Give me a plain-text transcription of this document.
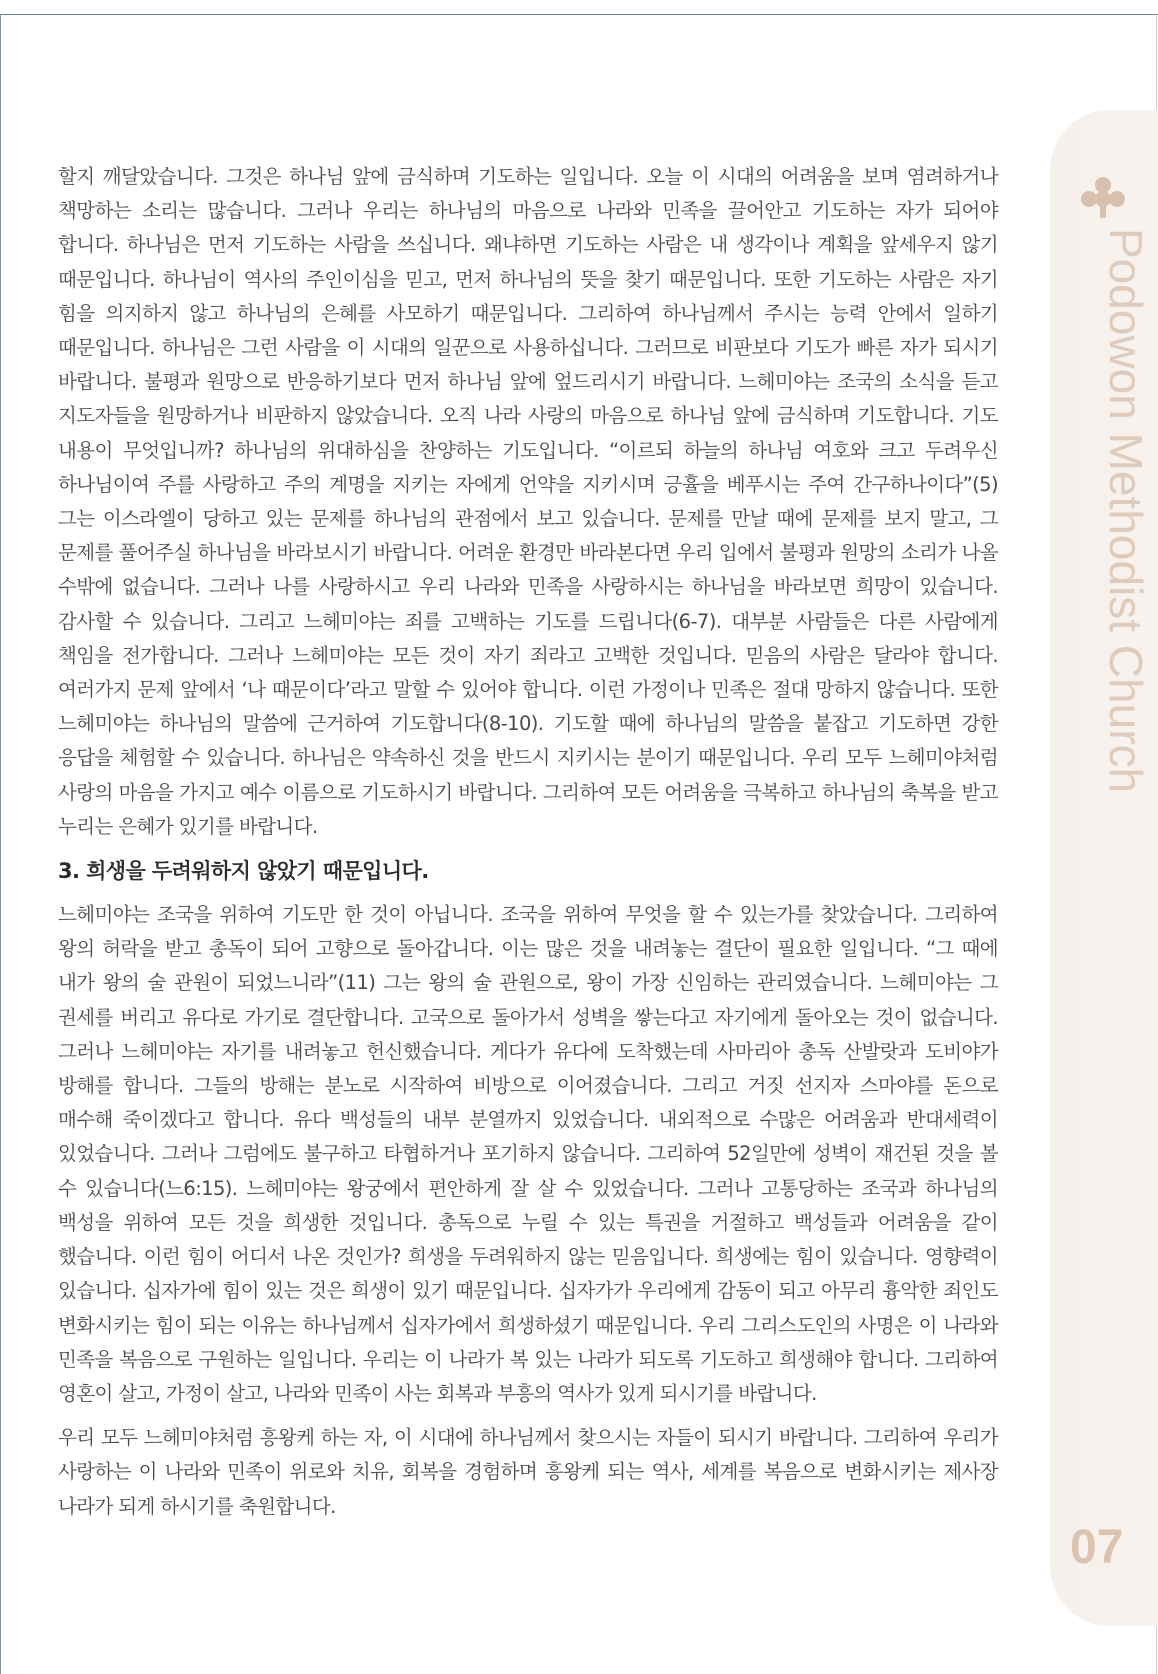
할지 깨달았습니다. 그것은 하나님 앞에 금식하며 기도하는 일입니다. 오늘 이 시대의 어려움을 보며 염려하거나 책망하는 소리는 많습니다. 그러나 우리는 하나님의 마음으로 나라와 민족을 끌어안고 기도하는 자가 되어야 합니다. 하나님은 먼저 기도하는 사람을 쓰십니다. 왜냐하면 기도하는 사람은 내 생각이나 계획을 앞세우지 않기 때문입니다. 하나님이 역사의 주인이심을 믿고, 먼저 하나님의 뜻을 찾기 때문입니다. 또한 기도하는 사람은 자기 힘을 의지하지 않고 하나님의 은혜를 사모하기 때문입니다. 그리하여 하나님께서 주시는 능력 안에서 일하기 때문입니다. 하나님은 그런 사람을 이 시대의 일꾼으로 사용하십니다. 그러므로 비판보다 기도가 빠른 자가 되시기 바랍니다. 불평과 원망으로 반응하기보다 먼저 하나님 앞에 엎드리시기 바랍니다. 느헤미야는 조국의 소식을 듣고 지도자들을 원망하거나 비판하지 않았습니다. 오직 나라 사랑의 마음으로 하나님 앞에 금식하며 기도합니다. 기도 내용이 무엇입니까? 하나님의 위대하심을 찬양하는 기도입니다. “이르되 하늘의 하나님 여호와 크고 두려우신 하나님이여 주를 사랑하고 주의 계명을 지키는 자에게 언약을 지키시며 긍휼을 베푸시는 주여 간구하나이다”(5) 그는 이스라엘이 당하고 있는 문제를 하나님의 관점에서 보고 있습니다. 문제를 만날 때에 문제를 보지 말고, 그 문제를 풀어주실 하나님을 바라보시기 바랍니다. 어려운 환경만 바라본다면 우리 입에서 불평과 원망의 소리가 나올 수밖에 없습니다. 그러나 나를 사랑하시고 우리 나라와 민족을 사랑하시는 하나님을 바라보면 희망이 있습니다. 감사할 수 있습니다. 그리고 느헤미야는 죄를 고백하는 기도를 드립니다(6-7). 대부분 사람들은 다른 사람에게 책임을 전가합니다. 그러나 느헤미야는 모든 것이 자기 죄라고 고백한 것입니다. 믿음의 사람은 달라야 합니다. 여러가지 문제 앞에서 ‘나 때문이다’라고 말할 수 있어야 합니다. 이런 가정이나 민족은 절대 망하지 않습니다. 또한 느헤미야는 하나님의 말씀에 근거하여 기도합니다(8-10). 기도할 때에 하나님의 말씀을 붙잡고 기도하면 강한 응답을 체험할 수 있습니다. 하나님은 약속하신 것을 반드시 지키시는 분이기 때문입니다. 우리 모두 느헤미야처럼 사랑의 마음을 가지고 예수 이름으로 기도하시기 바랍니다. 그리하여 모든 어려움을 극복하고 하나님의 축복을 받고 누리는 은혜가 있기를 바랍니다.

3. 희생을 두려워하지 않았기 때문입니다.

느헤미야는 조국을 위하여 기도만 한 것이 아닙니다. 조국을 위하여 무엇을 할 수 있는가를 찾았습니다. 그리하여 왕의 허락을 받고 총독이 되어 고향으로 돌아갑니다. 이는 많은 것을 내려놓는 결단이 필요한 일입니다. “그 때에 내가 왕의 술 관원이 되었느니라”(11) 그는 왕의 술 관원으로, 왕이 가장 신임하는 관리였습니다. 느헤미야는 그 권세를 버리고 유다로 가기로 결단합니다. 고국으로 돌아가서 성벽을 쌓는다고 자기에게 돌아오는 것이 없습니다. 그러나 느헤미야는 자기를 내려놓고 헌신했습니다. 게다가 유다에 도착했는데 사마리아 총독 산발랏과 도비야가 방해를 합니다. 그들의 방해는 분노로 시작하여 비방으로 이어졌습니다. 그리고 거짓 선지자 스마야를 돈으로 매수해 죽이겠다고 합니다. 유다 백성들의 내부 분열까지 있었습니다. 내외적으로 수많은 어려움과 반대세력이 있었습니다. 그러나 그럼에도 불구하고 타협하거나 포기하지 않습니다. 그리하여 52일만에 성벽이 재건된 것을 볼 수 있습니다(느6:15). 느헤미야는 왕궁에서 편안하게 잘 살 수 있었습니다. 그러나 고통당하는 조국과 하나님의 백성을 위하여 모든 것을 희생한 것입니다. 총독으로 누릴 수 있는 특권을 거절하고 백성들과 어려움을 같이 했습니다. 이런 힘이 어디서 나온 것인가? 희생을 두려워하지 않는 믿음입니다. 희생에는 힘이 있습니다. 영향력이 있습니다. 십자가에 힘이 있는 것은 희생이 있기 때문입니다. 십자가가 우리에게 감동이 되고 아무리 흉악한 죄인도 변화시키는 힘이 되는 이유는 하나님께서 십자가에서 희생하셨기 때문입니다. 우리 그리스도인의 사명은 이 나라와 민족을 복음으로 구원하는 일입니다. 우리는 이 나라가 복 있는 나라가 되도록 기도하고 희생해야 합니다. 그리하여 영혼이 살고, 가정이 살고, 나라와 민족이 사는 회복과 부흥의 역사가 있게 되시기를 바랍니다.

우리 모두 느헤미야처럼 흥왕케 하는 자, 이 시대에 하나님께서 찾으시는 자들이 되시기 바랍니다. 그리하여 우리가 사랑하는 이 나라와 민족이 위로와 치유, 회복을 경험하며 흥왕케 되는 역사, 세계를 복음으로 변화시키는 제사장 나라가 되게 하시기를 축원합니다.

Podowon Methodist Church
07
